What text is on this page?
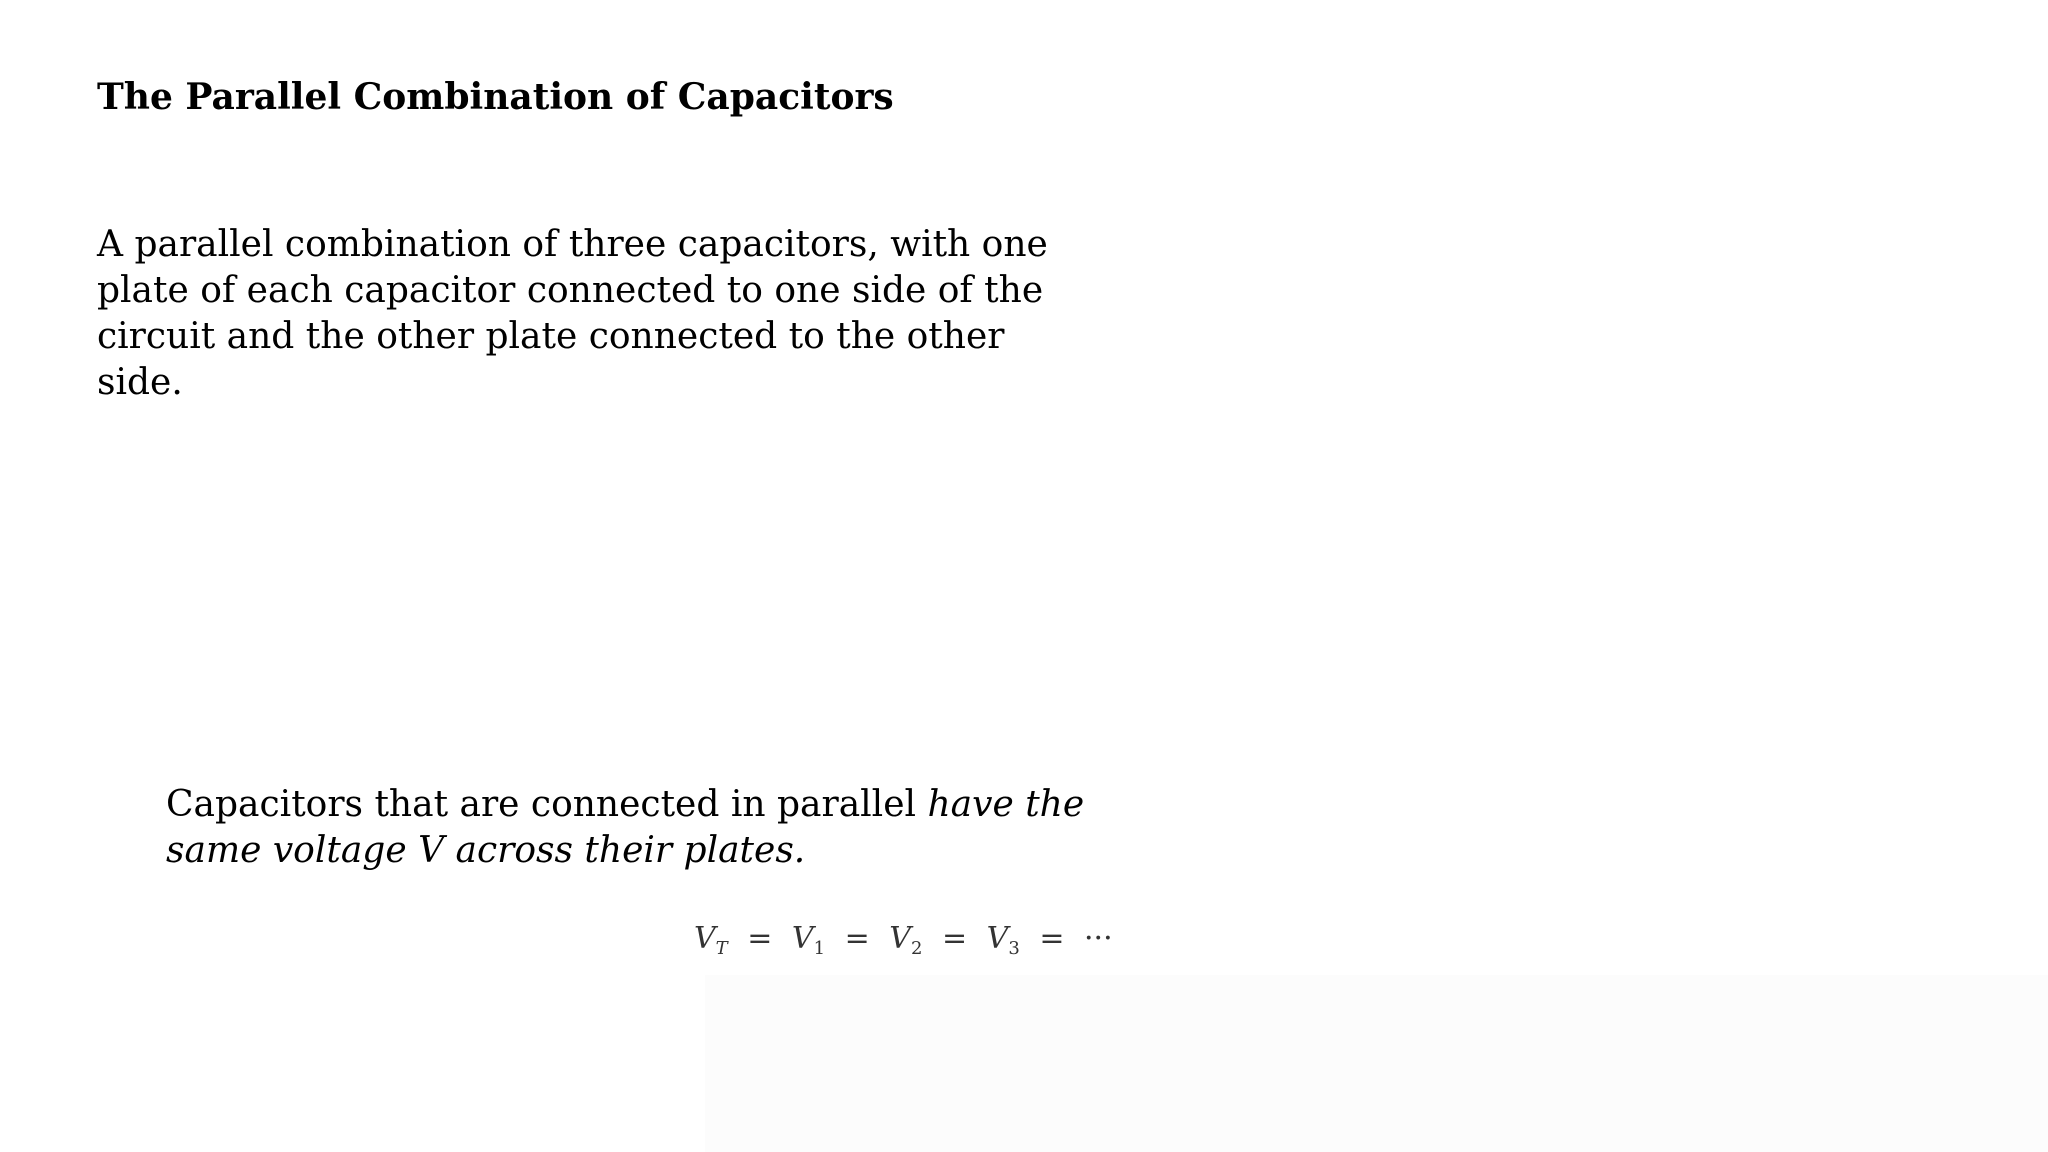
The Parallel Combination of Capacitors

A parallel combination of three capacitors, with one
plate of each capacitor connected to one side of the
circuit and the other plate connected to the other
side.

Capacitors that are connected in parallel have the
same voltage V across their plates.

$V_T = V_1 = V_2 = V_3$ = ···
